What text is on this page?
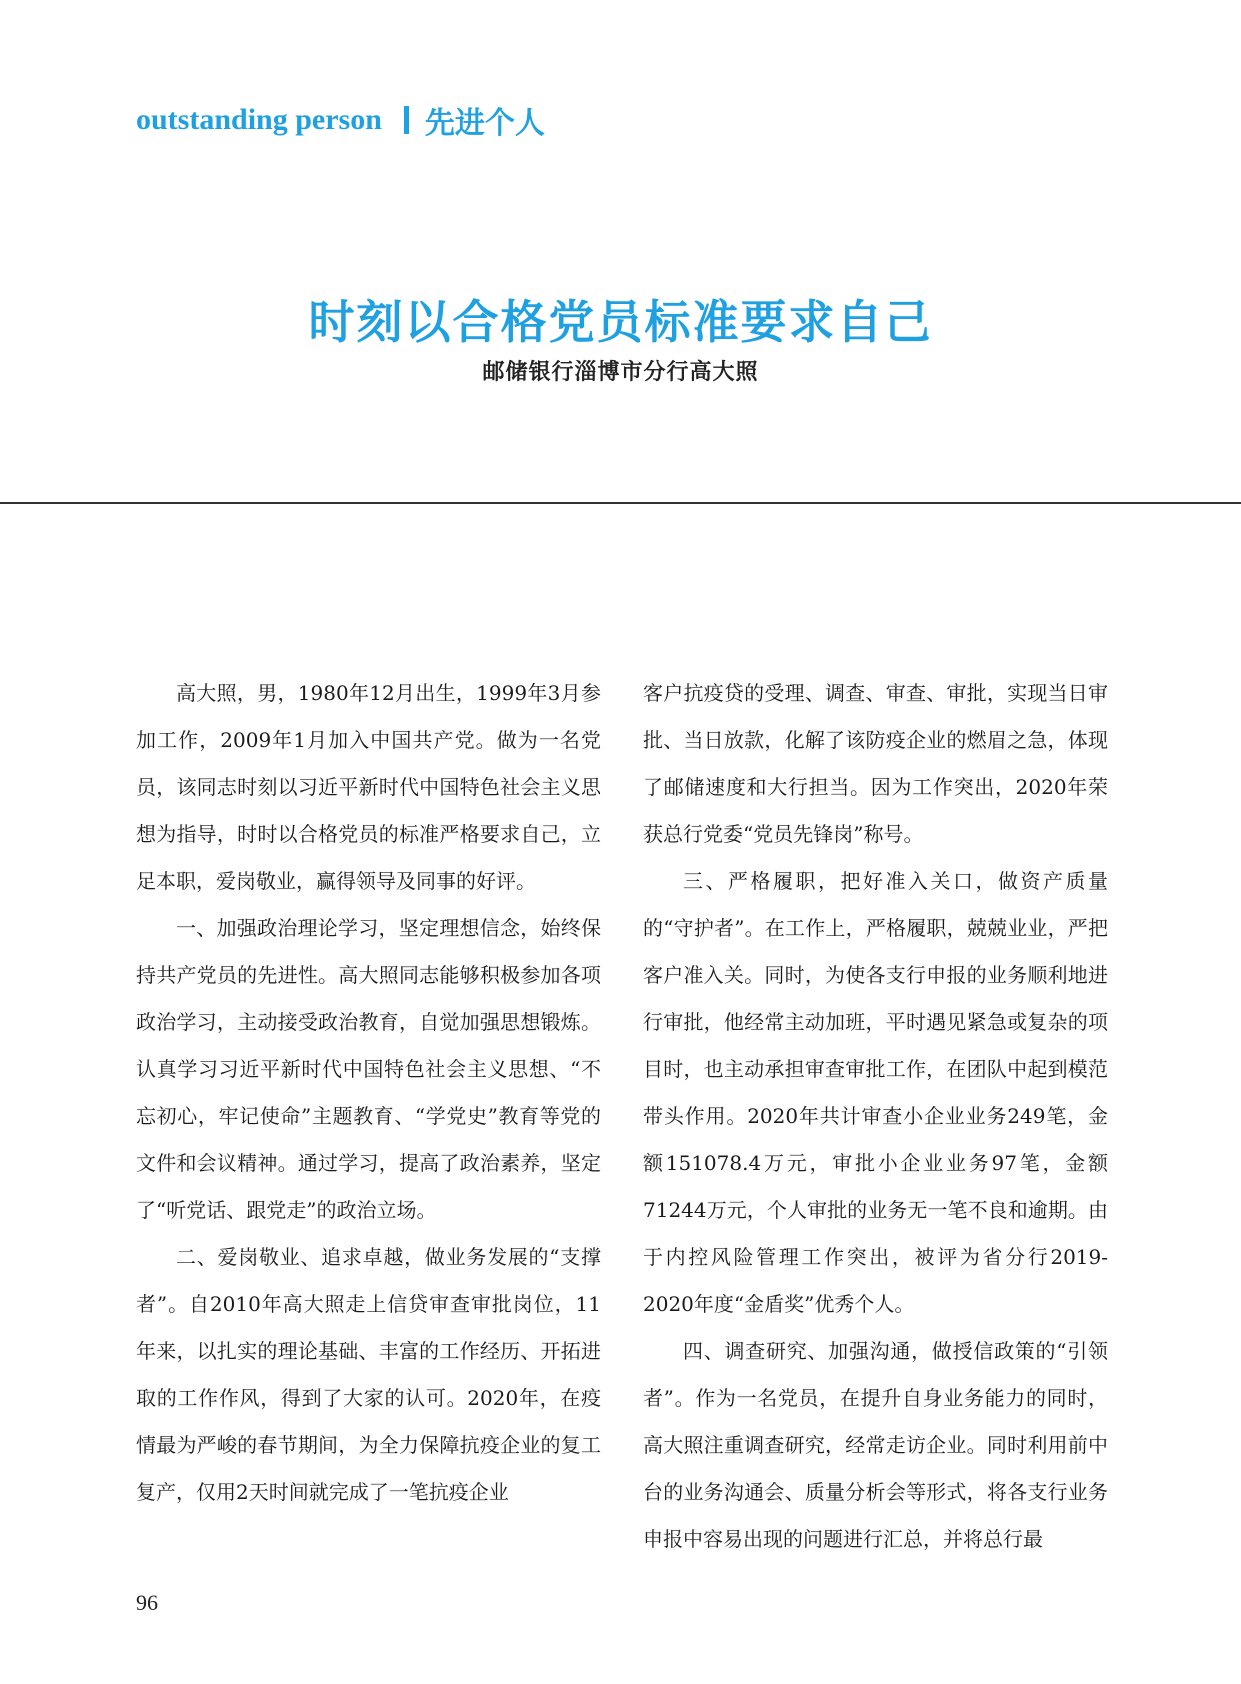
outstanding person 先进个人
时刻以合格党员标准要求自己
邮储银行淄博市分行高大照

高大照，男，1980年12月出生，1999年3月参加工作，2009年1月加入中国共产党。做为一名党员，该同志时刻以习近平新时代中国特色社会主义思想为指导，时时以合格党员的标准严格要求自己，立足本职，爱岗敬业，赢得领导及同事的好评。

一、加强政治理论学习，坚定理想信念，始终保持共产党员的先进性。高大照同志能够积极参加各项政治学习，主动接受政治教育，自觉加强思想锻炼。认真学习习近平新时代中国特色社会主义思想、“不忘初心，牢记使命”主题教育、“学党史”教育等党的文件和会议精神。通过学习，提高了政治素养，坚定了“听党话、跟党走”的政治立场。

二、爱岗敬业、追求卓越，做业务发展的“支撑者”。自2010年高大照走上信贷审查审批岗位，11年来，以扎实的理论基础、丰富的工作经历、开拓进取的工作作风，得到了大家的认可。2020年，在疫情最为严峻的春节期间，为全力保障抗疫企业的复工复产，仅用2天时间就完成了一笔抗疫企业

客户抗疫贷的受理、调查、审查、审批，实现当日审批、当日放款，化解了该防疫企业的燃眉之急，体现了邮储速度和大行担当。因为工作突出，2020年荣获总行党委“党员先锋岗”称号。

三、严格履职，把好准入关口，做资产质量的“守护者”。在工作上，严格履职，兢兢业业，严把客户准入关。同时，为使各支行申报的业务顺利地进行审批，他经常主动加班，平时遇见紧急或复杂的项目时，也主动承担审查审批工作，在团队中起到模范带头作用。2020年共计审查小企业业务249笔，金额151078.4万元，审批小企业业务97笔，金额71244万元，个人审批的业务无一笔不良和逾期。由于内控风险管理工作突出，被评为省分行2019-2020年度“金盾奖”优秀个人。

四、调查研究、加强沟通，做授信政策的“引领者”。作为一名党员，在提升自身业务能力的同时，高大照注重调查研究，经常走访企业。同时利用前中台的业务沟通会、质量分析会等形式，将各支行业务申报中容易出现的问题进行汇总，并将总行最

96
